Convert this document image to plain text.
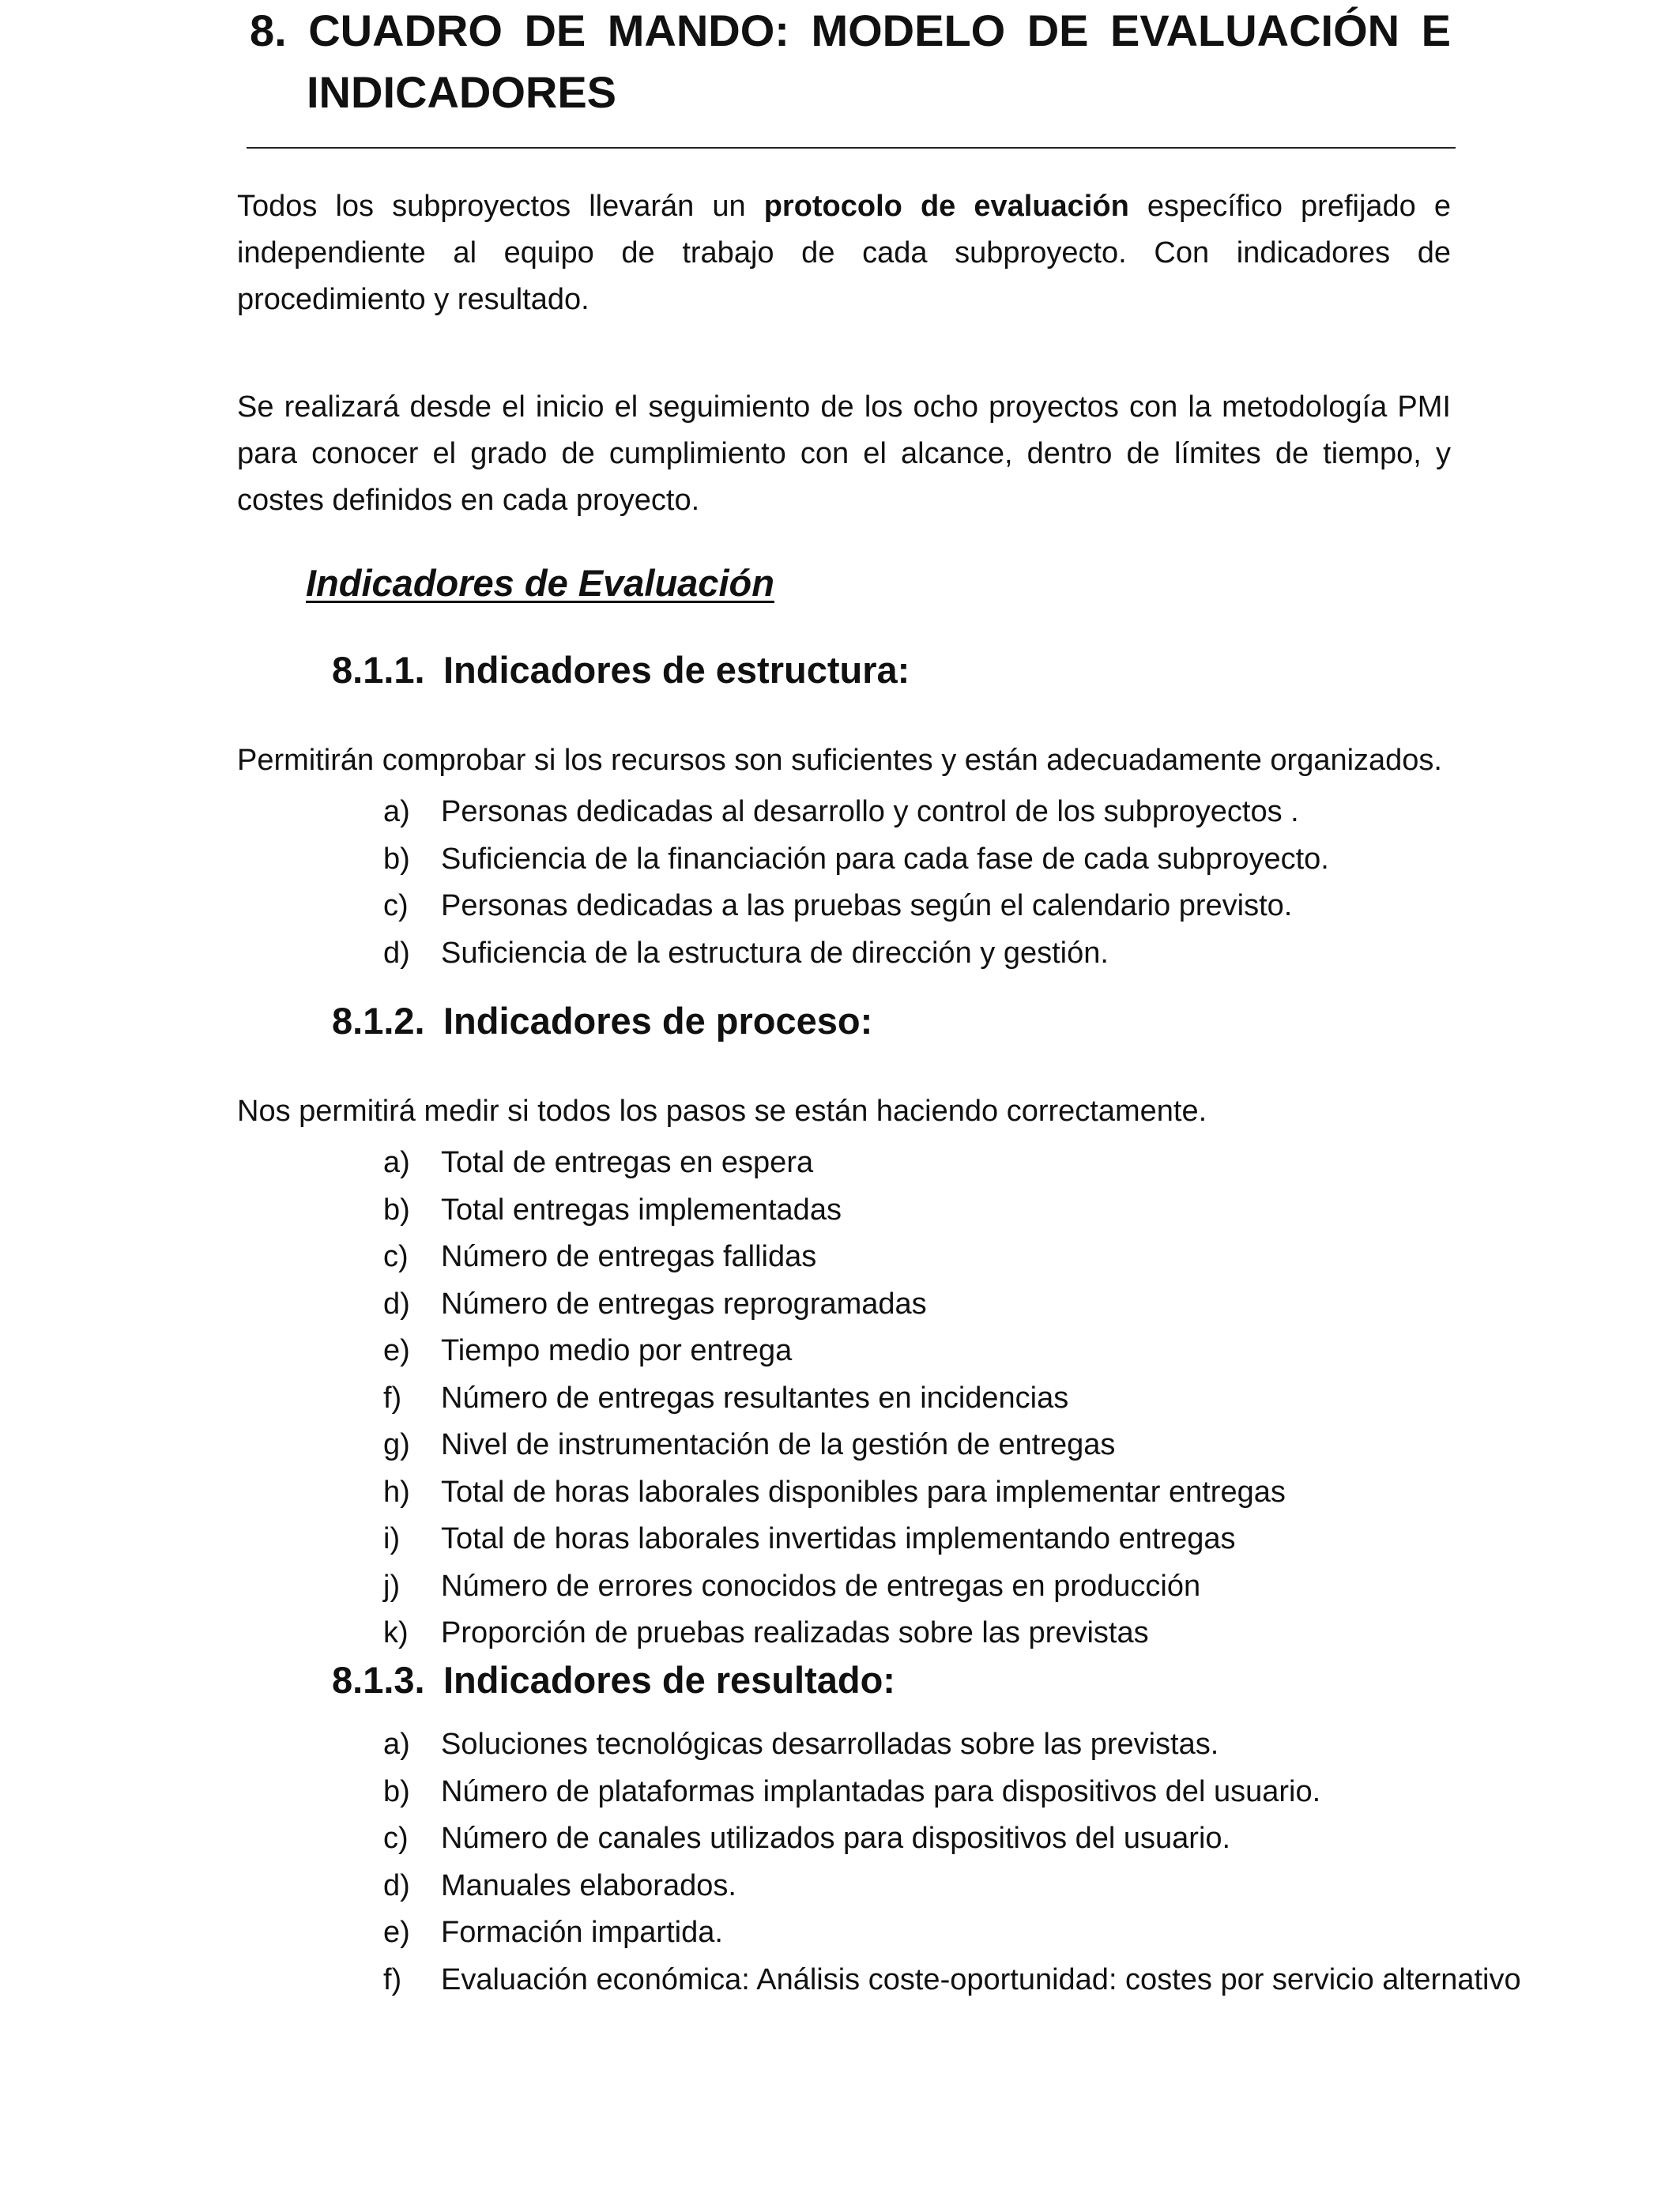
8. CUADRO DE MANDO: MODELO DE EVALUACIÓN E
INDICADORES

Todos los subproyectos llevarán un protocolo de evaluación específico prefijado e independiente al equipo de trabajo de cada subproyecto. Con indicadores de procedimiento y resultado.

Se realizará desde el inicio el seguimiento de los ocho proyectos con la metodología PMI para conocer el grado de cumplimiento con el alcance, dentro de límites de tiempo, y costes definidos en cada proyecto.

Indicadores de Evaluación
8.1.1. Indicadores de estructura:
Permitirán comprobar si los recursos son suficientes y están adecuadamente organizados.
a) Personas dedicadas al desarrollo y control de los subproyectos .
b) Suficiencia de la financiación para cada fase de cada subproyecto.
c) Personas dedicadas a las pruebas según el calendario previsto.
d) Suficiencia de la estructura de dirección y gestión.
8.1.2. Indicadores de proceso:
Nos permitirá medir si todos los pasos se están haciendo correctamente.
a) Total de entregas en espera
b) Total entregas implementadas
c) Número de entregas fallidas
d) Número de entregas reprogramadas
e) Tiempo medio por entrega
f) Número de entregas resultantes en incidencias
g) Nivel de instrumentación de la gestión de entregas
h) Total de horas laborales disponibles para implementar entregas
i) Total de horas laborales invertidas implementando entregas
j) Número de errores conocidos de entregas en producción
k) Proporción de pruebas realizadas sobre las previstas
8.1.3. Indicadores de resultado:
a) Soluciones tecnológicas desarrolladas sobre las previstas.
b) Número de plataformas implantadas para dispositivos del usuario.
c) Número de canales utilizados para dispositivos del usuario.
d) Manuales elaborados.
e) Formación impartida.
f) Evaluación económica: Análisis coste-oportunidad: costes por servicio alternativo
